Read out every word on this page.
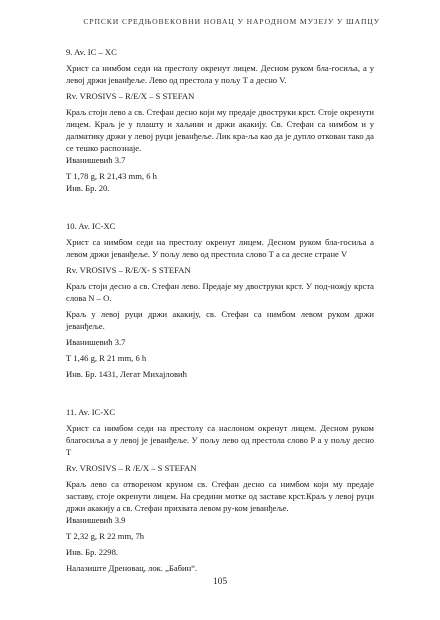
СРПСКИ СРЕДЊОВЕКОВНИ НОВАЦ У НАРОДНОМ МУЗЕЈУ У ШАПЦУ

9. Av. IC – XC

Христ са нимбом седи на престолу окренут лицем. Десном руком бла-госиља, а у левој држи јеванђеље. Лево од престола у пољу Т а десно V.

Rv. VROSIVS – R/E/X – S STEFAN

Краљ стоји лево а св. Стефан десно који му предаје двоструки крст. Стоје окренути лицем. Краљ је у плашту и хаљини и држи акакију. Св. Стефан са нимбом и у далматику држи у левој руци јеванђеље. Лик кра-ља као да је дупло откован тако да се тешко распознаје.

Иванишевић 3.7

Т 1,78 g, R 21,43 mm, 6 h

Инв. Бр. 20.

10. Av. IC-XC

Христ са нимбом седи на престолу окренут лицем. Десном руком бла-госиља а левом држи јеванђеље. У пољу лево од престола слово Т а са десне стране V

Rv. VROSIVS – R/E/X- S STEFAN

Краљ стоји десно а св. Стефан лево. Предаје му двоструки крст. У под-ножју крста слова N – O.

Краљ у левој руци држи акакију, св. Стефан са нимбом левом руком држи јеванђеље.

Иванишевић 3.7

Т 1,46 g, R 21 mm, 6 h

Инв. Бр. 1431, Легат Михајловић

11. Av. IC-XC

Христ са нимбом седи на престолу са наслоном окренут лицем. Десном руком благосиља а у левој је јеванђеље. У пољу лево од престола слово Р а у пољу десно Т

Rv. VROSIVS – R /E/X – S STEFAN

Краљ лево са отвореном круном св. Стефан десно са нимбом који му предаје заставу, стоје окренути лицем. На средини мотке од заставе крст.Краљ у левој руци држи акакију а св. Стефан прихвата левом ру-ком јеванђеље.

Иванишевић 3.9

Т 2,32 g, R 22 mm, 7h

Инв. Бр. 2298.

Налазиште Дреновац, лок. „Бабин“.

105
